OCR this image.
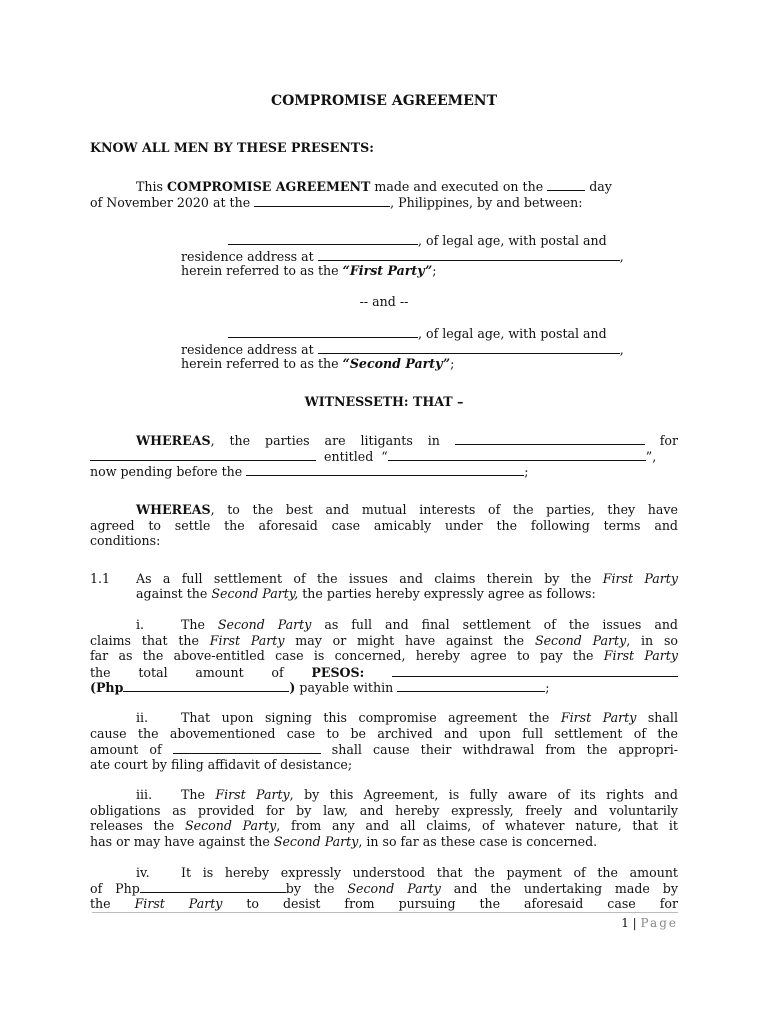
COMPROMISE AGREEMENT
KNOW ALL MEN BY THESE PRESENTS:
This COMPROMISE AGREEMENT made and executed on the	day
of November 2020 at the	, Philippines, by and between:
, of legal age, with postal and
residence address at	,
herein referred to as the “First Party”;
-- and --
, of legal age, with postal and
residence address at	,
herein referred to as the “Second Party”;
WITNESSETH: THAT –
WHEREAS, the parties are litigants in	for
entitled “	”,
now pending before the	;
WHEREAS, to the best and mutual interests of the parties, they have
agreed to settle the aforesaid case amicably under the following terms and
conditions:
1.1 As a full settlement of the issues and claims therein by the First Party
against the Second Party, the parties hereby expressly agree as follows:
i.	The Second Party as full and final settlement of the issues and
claims that the First Party may or might have against the Second Party, in so
far as the above-entitled case is concerned, hereby agree to pay the First Party
the total amount of PESOS:
(Php	) payable within	;
ii.	That upon signing this compromise agreement the First Party shall
cause the abovementioned case to be archived and upon full settlement of the
amount of	shall cause their withdrawal from the appropri-
ate court by filing affidavit of desistance;
iii. The First Party, by this Agreement, is fully aware of its rights and
obligations as provided for by law, and hereby expressly, freely and voluntarily
releases the Second Party, from any and all claims, of whatever nature, that it
has or may have against the Second Party, in so far as these case is concerned.
iv. It is hereby expressly understood that the payment of the amount
of Php	by the Second Party and the undertaking made by
the First Party to desist from pursuing the aforesaid case for
1 | Page
